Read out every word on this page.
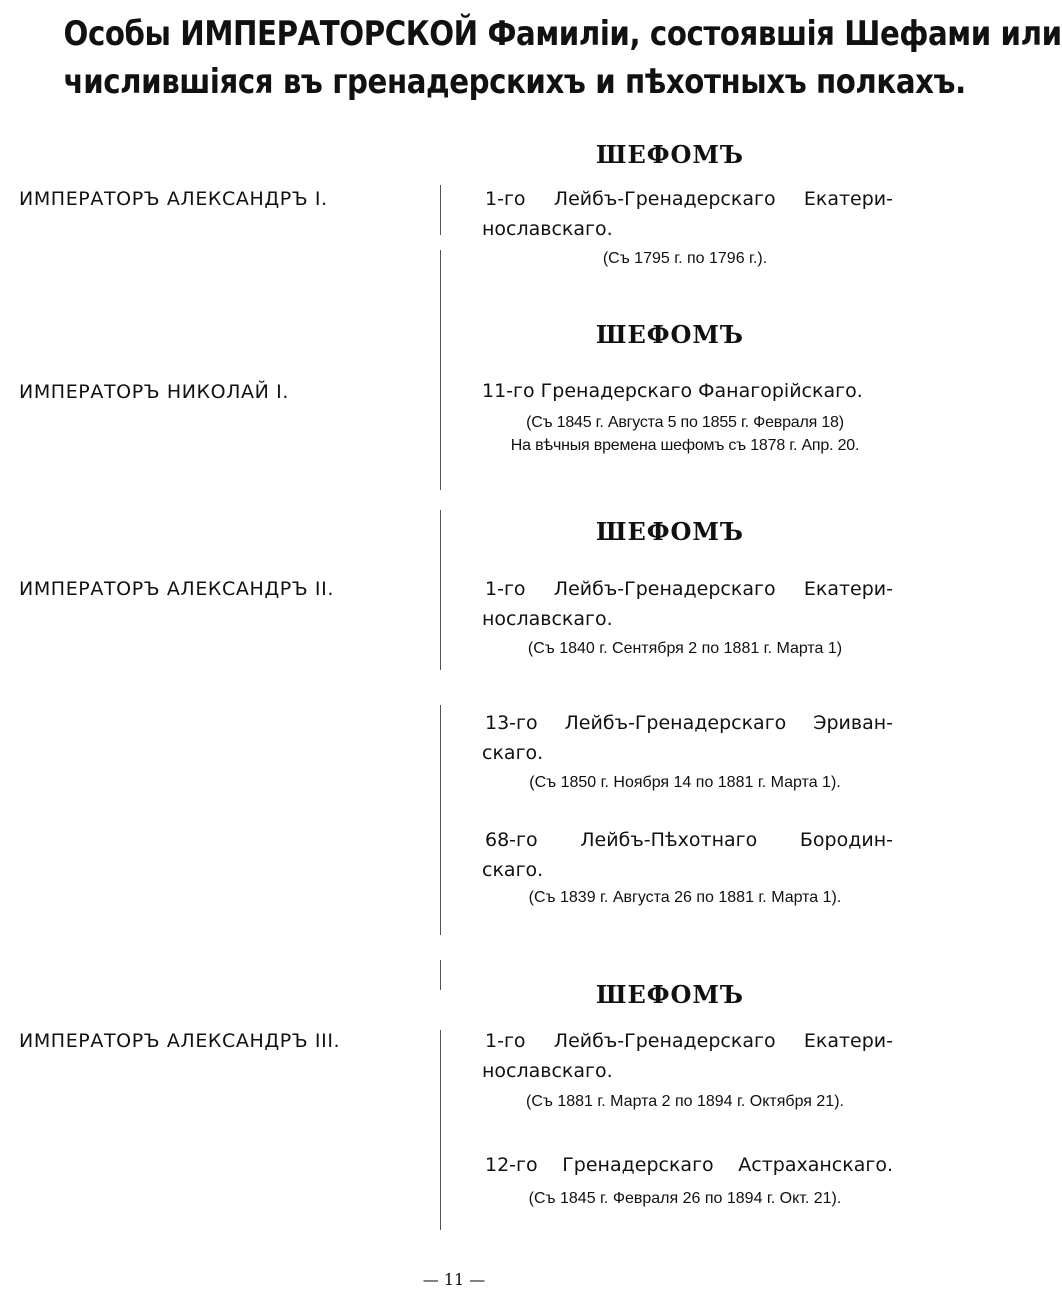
Особы ИМПЕРАТОРСКОЙ Фамилiи, состоявшiя Шефами или
числившiяся въ гренадерскихъ и пѣхотныхъ полкахъ.
ШЕФОМЪ
ИМПЕРАТОРЪ АЛЕКСАНДРЪ I.	1-го Лейбъ-Гренадерскаго Екатери-
нославскаго.
(Съ 1795 г. по 1796 г.).
ШЕФОМЪ
ИМПЕРАТОРЪ НИКОЛАЙ I.	11-го Гренадерскаго Фанагорiйскаго.
(Съ 1845 г. Августа 5 по 1855 г. Февраля 18)
На вѣчныя времена шефомъ съ 1878 г. Апр. 20.
ШЕФОМЪ
ИМПЕРАТОРЪ АЛЕКСАНДРЪ II.	1-го Лейбъ-Гренадерскаго Екатери-
нославскаго.
(Съ 1840 г. Сентября 2 по 1881 г. Марта 1)
13-го Лейбъ-Гренадерскаго Эриван-
скаго.
(Съ 1850 г. Ноября 14 по 1881 г. Марта 1).
68-го Лейбъ-Пѣхотнаго Бородин-
скаго.
(Съ 1839 г. Августа 26 по 1881 г. Марта 1).
ШЕФОМЪ
ИМПЕРАТОРЪ АЛЕКСАНДРЪ III.	1-го Лейбъ-Гренадерскаго Екатери-
нославскаго.
(Съ 1881 г. Марта 2 по 1894 г. Октября 21).
12-го Гренадерскаго Астраханскаго.
(Съ 1845 г. Февраля 26 по 1894 г. Окт. 21).
— 11 —
